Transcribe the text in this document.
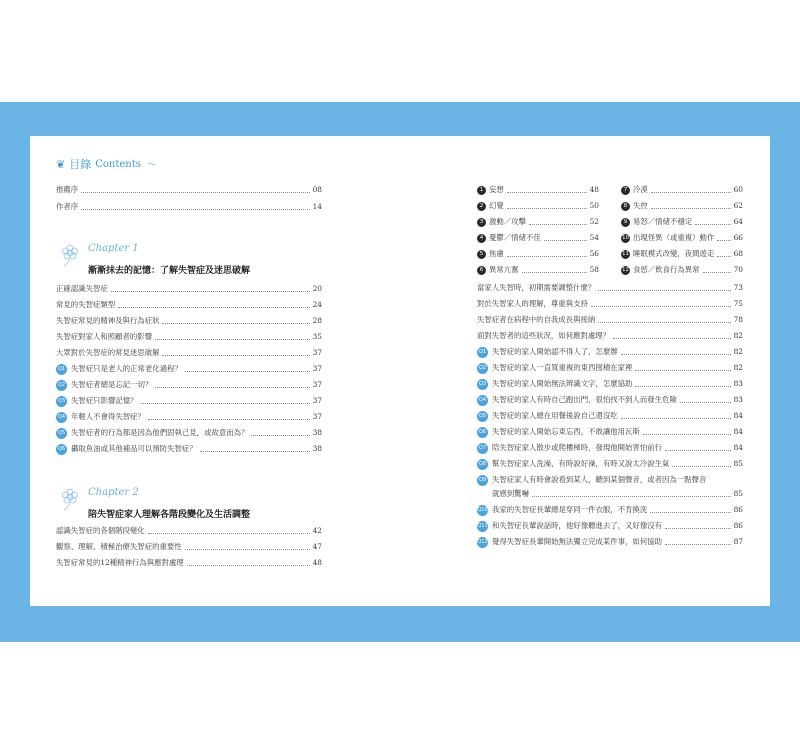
❦ 目錄 Contents ~
推薦序	08
作者序	14
Chapter 1
漸漸抹去的記憶：了解失智症及迷思破解
正確認識失智症	20
常見的失智症類型	24
失智症常見的精神及與行為症狀	28
失智症對家人和照顧者的影響	35
大眾對於失智症的常見迷思破解	37
Q1 失智症只是老人的正常老化過程？	37
Q2 失智症者總是忘記一切？	37
Q3 失智症只影響記憶？	37
Q4 年輕人不會得失智症？	37
Q5 失智症者的行為都是因為他們固執己見，或故意而為？	38
Q6 攝取魚油或其他補品可以預防失智症？	38
Chapter 2
陪失智症家人理解各階段變化及生活調整
認識失智症的各個階段變化	42
觀察、理解，積極治療失智症的重要性	47
失智症常見的12種精神行為與應對處理	48
1 妄想	48	7 冷漠	60
2 幻覺	50	8 失控	62
3 激動／攻擊	52	9 易怒／情緒不穩定	64
4 憂鬱／情緒不佳	54	10 出現怪異（或重複）動作	66
5 焦慮	56	11 睡眠模式改變，夜間遊走	68
6 異常亢奮	58	12 食慾／飲食行為異常	70
當家人失智時，初期需要調整什麼？	73
對於失智家人的理解，尊重與支持	75
失智症者在病程中的自我成長與接納	78
面對失智者的這些狀況，如何應對處理？	82
Q1 失智症的家人開始認不得人了，怎麼辦	82
Q2 失智症的家人一直買重複的東西囤積在家裡	82
Q3 失智症的家人開始無法辨識文字，怎麼協助	83
Q4 失智症的家人有時自己跑出門，很怕找不到人而發生危險	83
Q5 失智症的家人總在用餐後說自己還沒吃	84
Q6 失智症的家人開始忘東忘西，不敢讓他用瓦斯	84
Q7 陪失智症家人散步或爬樓梯時，發現他開始害怕前行	84
Q8 幫失智症家人洗澡，有時說好澡，有時又說太冷說生氣	85
Q9 失智症家人有時會說看到某人，聽到某個聲音，或者因為一點聲音
就感到驚嚇	85
Q10 我家的失智症長輩總是穿同一件衣服，不肯換洗	86
Q11 和失智症長輩說話時，他好像聽進去了，又好像沒有	86
Q12 覺得失智症長輩開始無法獨立完成某件事，如何協助	87
